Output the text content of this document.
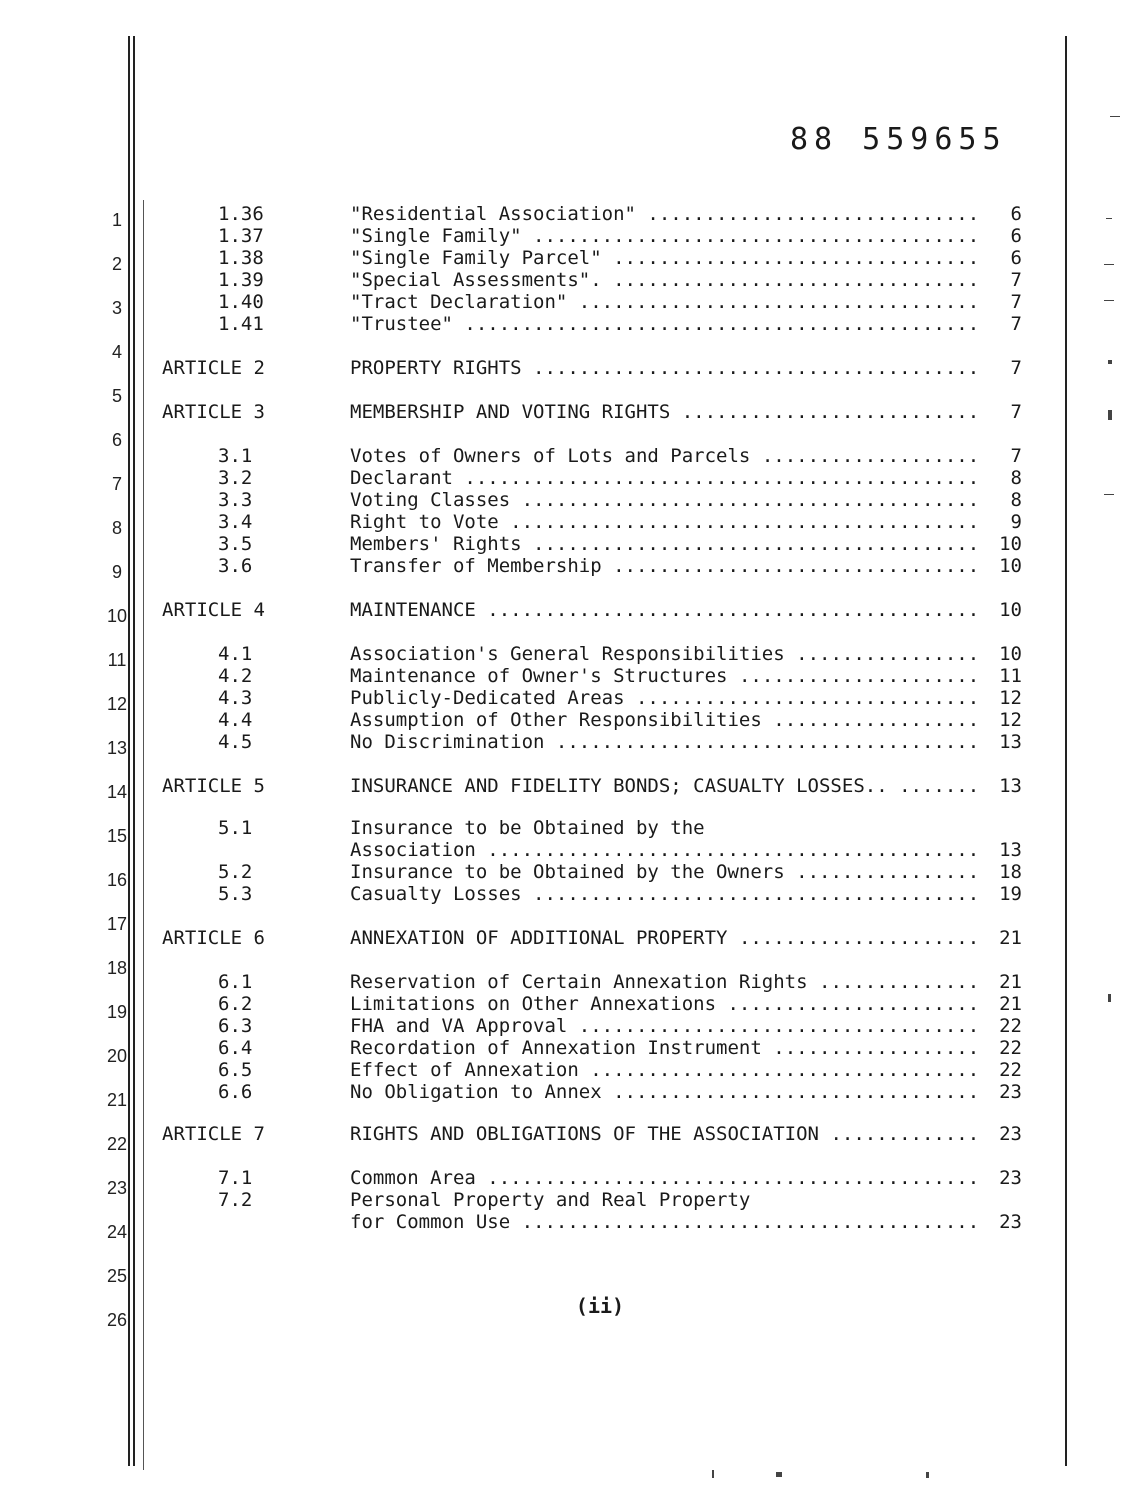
88 559655
1
2
3
4
5
6
7
8
9
10
11
12
13
14
15
16
17
18
19
20
21
22
23
24
25
26
1.36	"Residential Association" .....	6
1.37	"Single Family" .....	6
1.38	"Single Family Parcel" .....	6
1.39	"Special Assessments". .....	7
1.40	"Tract Declaration" .....	7
1.41	"Trustee" .....	7
ARTICLE 2	PROPERTY RIGHTS .....	7
ARTICLE 3	MEMBERSHIP AND VOTING RIGHTS .....	7
3.1	Votes of Owners of Lots and Parcels .....	7
3.2	Declarant .....	8
3.3	Voting Classes .....	8
3.4	Right to Vote .....	9
3.5	Members' Rights .....	10
3.6	Transfer of Membership .....	10
ARTICLE 4	MAINTENANCE .....	10
4.1	Association's General Responsibilities .....	10
4.2	Maintenance of Owner's Structures .....	11
4.3	Publicly-Dedicated Areas .....	12
4.4	Assumption of Other Responsibilities .....	12
4.5	No Discrimination .....	13
ARTICLE 5	INSURANCE AND FIDELITY BONDS; CASUALTY LOSSES.. .....	13
5.1	Insurance to be Obtained by the
Association .....	13
5.2	Insurance to be Obtained by the Owners .....	18
5.3	Casualty Losses .....	19
ARTICLE 6	ANNEXATION OF ADDITIONAL PROPERTY .....	21
6.1	Reservation of Certain Annexation Rights .....	21
6.2	Limitations on Other Annexations .....	21
6.3	FHA and VA Approval .....	22
6.4	Recordation of Annexation Instrument .....	22
6.5	Effect of Annexation .....	22
6.6	No Obligation to Annex .....	23
ARTICLE 7	RIGHTS AND OBLIGATIONS OF THE ASSOCIATION .....	23
7.1	Common Area .....	23
7.2	Personal Property and Real Property
for Common Use .....	23
(ii)
